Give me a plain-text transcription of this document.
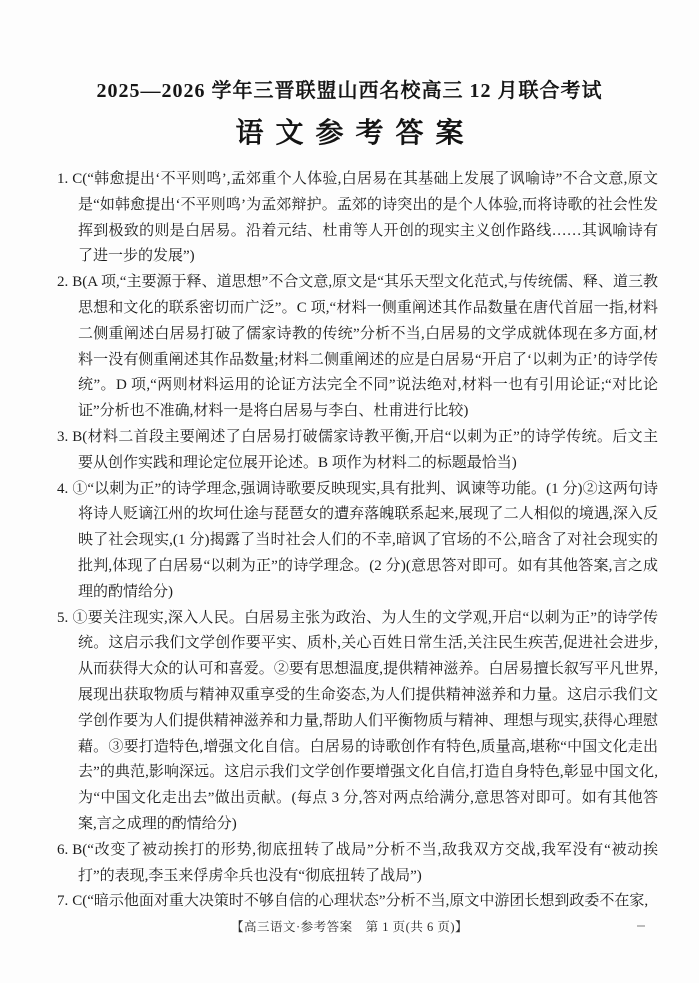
2025—2026 学年三晋联盟山西名校高三 12 月联合考试
语文参考答案
1. C(“韩愈提出‘不平则鸣’,孟郊重个人体验,白居易在其基础上发展了讽喻诗”不合文意,原文是“如韩愈提出‘不平则鸣’为孟郊辩护。孟郊的诗突出的是个人体验,而将诗歌的社会性发挥到极致的则是白居易。沿着元结、杜甫等人开创的现实主义创作路线……其讽喻诗有了进一步的发展”)
2. B(A 项,“主要源于释、道思想”不合文意,原文是“其乐天型文化范式,与传统儒、释、道三教思想和文化的联系密切而广泛”。C 项,“材料一侧重阐述其作品数量在唐代首屈一指,材料二侧重阐述白居易打破了儒家诗教的传统”分析不当,白居易的文学成就体现在多方面,材料一没有侧重阐述其作品数量;材料二侧重阐述的应是白居易“开启了‘以刺为正’的诗学传统”。D 项,“两则材料运用的论证方法完全不同”说法绝对,材料一也有引用论证;“对比论证”分析也不准确,材料一是将白居易与李白、杜甫进行比较)
3. B(材料二首段主要阐述了白居易打破儒家诗教平衡,开启“以刺为正”的诗学传统。后文主要从创作实践和理论定位展开论述。B 项作为材料二的标题最恰当)
4. ①“以刺为正”的诗学理念,强调诗歌要反映现实,具有批判、讽谏等功能。(1 分)②这两句诗将诗人贬谪江州的坎坷仕途与琵琶女的遭弃落魄联系起来,展现了二人相似的境遇,深入反映了社会现实,(1 分)揭露了当时社会人们的不幸,暗讽了官场的不公,暗含了对社会现实的批判,体现了白居易“以刺为正”的诗学理念。(2 分)(意思答对即可。如有其他答案,言之成理的酌情给分)
5. ①要关注现实,深入人民。白居易主张为政治、为人生的文学观,开启“以刺为正”的诗学传统。这启示我们文学创作要平实、质朴,关心百姓日常生活,关注民生疾苦,促进社会进步,从而获得大众的认可和喜爱。②要有思想温度,提供精神滋养。白居易擅长叙写平凡世界,展现出获取物质与精神双重享受的生命姿态,为人们提供精神滋养和力量。这启示我们文学创作要为人们提供精神滋养和力量,帮助人们平衡物质与精神、理想与现实,获得心理慰藉。③要打造特色,增强文化自信。白居易的诗歌创作有特色,质量高,堪称“中国文化走出去”的典范,影响深远。这启示我们文学创作要增强文化自信,打造自身特色,彰显中国文化,为“中国文化走出去”做出贡献。(每点 3 分,答对两点给满分,意思答对即可。如有其他答案,言之成理的酌情给分)
6. B(“改变了被动挨打的形势,彻底扭转了战局”分析不当,敌我双方交战,我军没有“被动挨打”的表现,李玉来俘虏伞兵也没有“彻底扭转了战局”)
7. C(“暗示他面对重大决策时不够自信的心理状态”分析不当,原文中游团长想到政委不在家,
【高三语文·参考答案　第 1 页(共 6 页)】
